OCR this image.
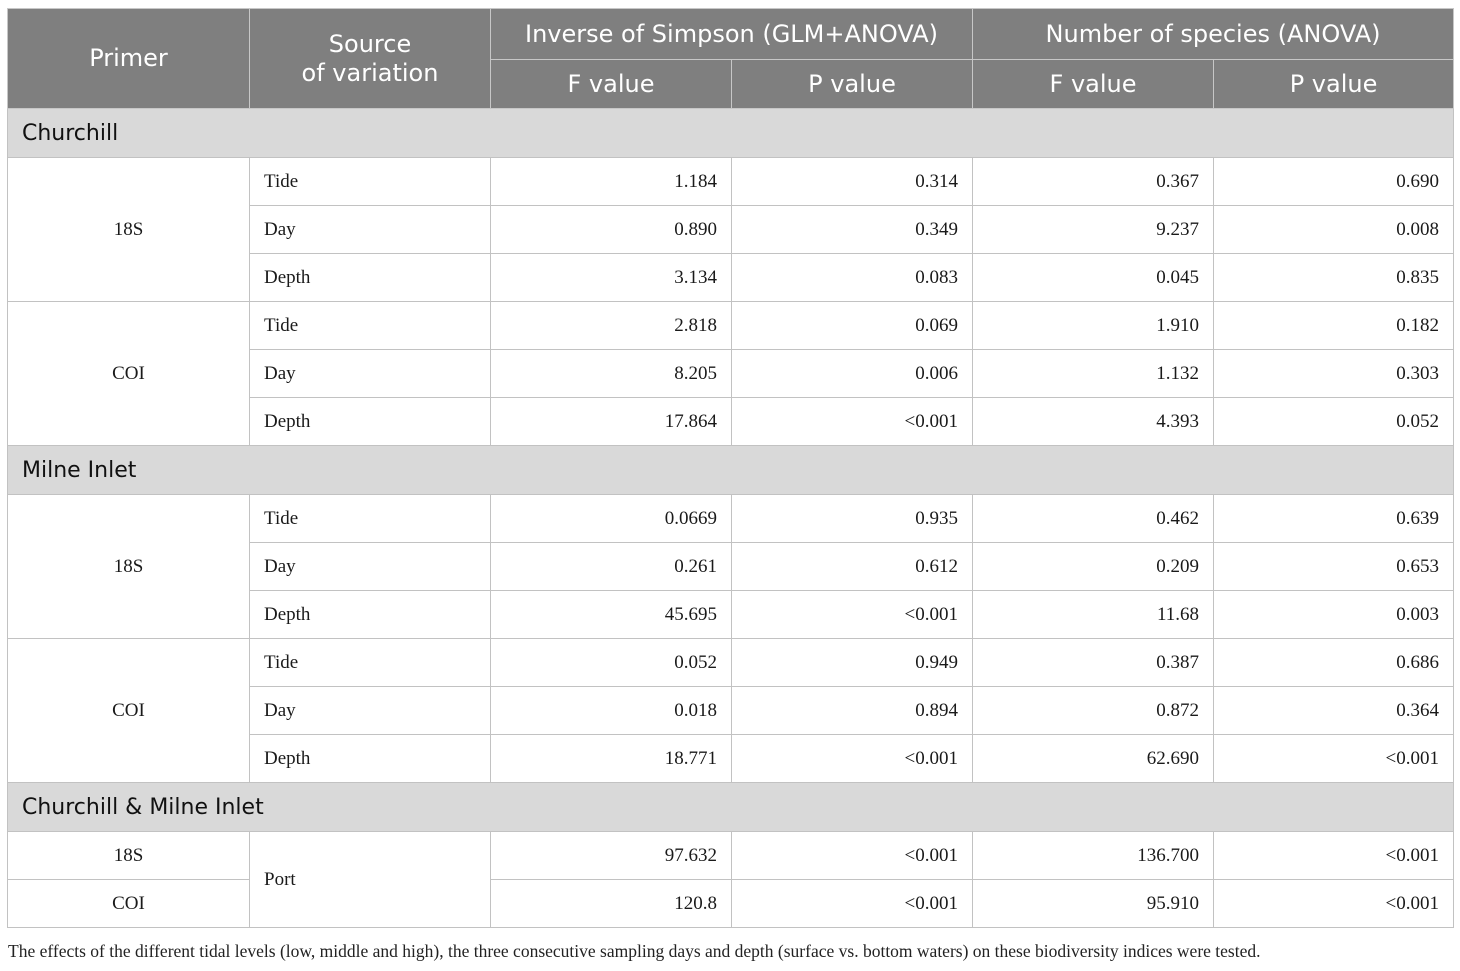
Primer	Source
of variation	Inverse of Simpson (GLM+ANOVA)		Number of species (ANOVA)	
		F value	P value	F value	P value
Churchill					
18S	Tide	1.184	0.314	0.367	0.690
	Day	0.890	0.349	9.237	0.008
	Depth	3.134	0.083	0.045	0.835
COI	Tide	2.818	0.069	1.910	0.182
	Day	8.205	0.006	1.132	0.303
	Depth	17.864	<0.001	4.393	0.052
Milne Inlet					
18S	Tide	0.0669	0.935	0.462	0.639
	Day	0.261	0.612	0.209	0.653
	Depth	45.695	<0.001	11.68	0.003
COI	Tide	0.052	0.949	0.387	0.686
	Day	0.018	0.894	0.872	0.364
	Depth	18.771	<0.001	62.690	<0.001
Churchill & Milne Inlet					
18S	Port	97.632	<0.001	136.700	<0.001
COI		120.8	<0.001	95.910	<0.001
The effects of the different tidal levels (low, middle and high), the three consecutive sampling days and depth (surface vs. bottom waters) on these biodiversity indices were tested.
